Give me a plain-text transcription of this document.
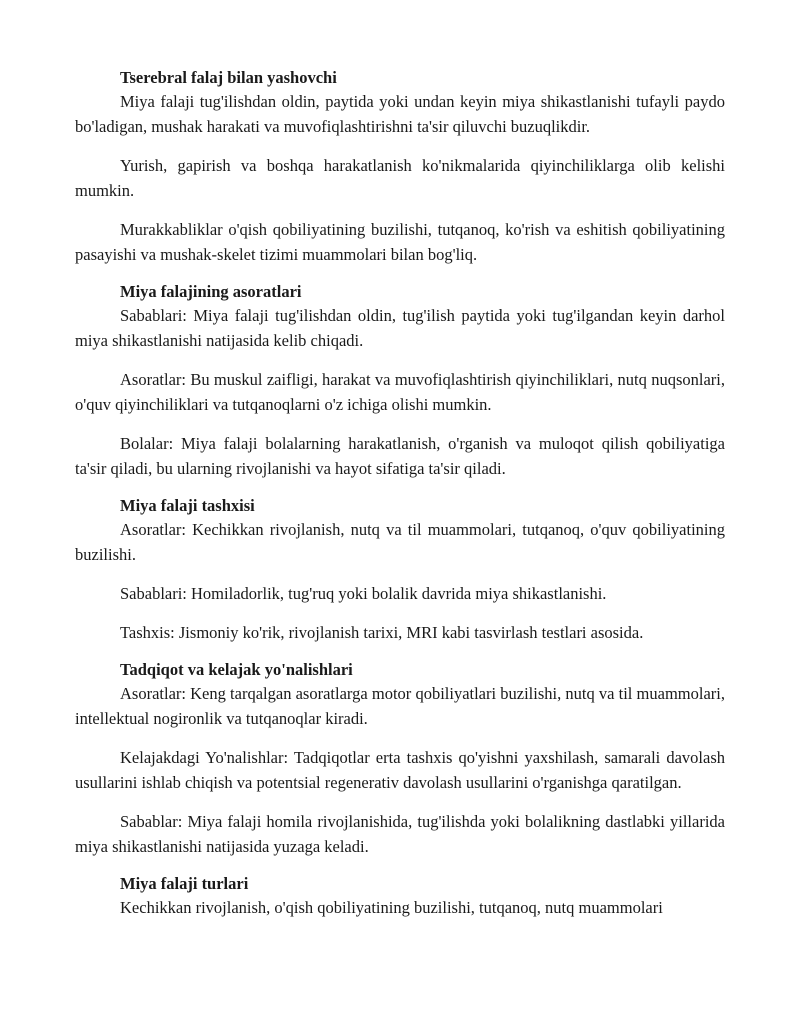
Tserebral falaj bilan yashovchi

Miya falaji tug'ilishdan oldin, paytida yoki undan keyin miya shikastlanishi tufayli paydo bo'ladigan, mushak harakati va muvofiqlashtirishni ta'sir qiluvchi buzuqlikdir.

Yurish, gapirish va boshqa harakatlanish ko'nikmalarida qiyinchiliklarga olib kelishi mumkin.

Murakkabliklar o'qish qobiliyatining buzilishi, tutqanoq, ko'rish va eshitish qobiliyatining pasayishi va mushak-skelet tizimi muammolari bilan bog'liq.

Miya falajining asoratlari

Sabablari: Miya falaji tug'ilishdan oldin, tug'ilish paytida yoki tug'ilgandan keyin darhol miya shikastlanishi natijasida kelib chiqadi.

Asoratlar: Bu muskul zaifligi, harakat va muvofiqlashtirish qiyinchiliklari, nutq nuqsonlari, o'quv qiyinchiliklari va tutqanoqlarni o'z ichiga olishi mumkin.

Bolalar: Miya falaji bolalarning harakatlanish, o'rganish va muloqot qilish qobiliyatiga ta'sir qiladi, bu ularning rivojlanishi va hayot sifatiga ta'sir qiladi.

Miya falaji tashxisi

Asoratlar: Kechikkan rivojlanish, nutq va til muammolari, tutqanoq, o'quv qobiliyatining buzilishi.

Sabablari: Homiladorlik, tug'ruq yoki bolalik davrida miya shikastlanishi.

Tashxis: Jismoniy ko'rik, rivojlanish tarixi, MRI kabi tasvirlash testlari asosida.

Tadqiqot va kelajak yo'nalishlari

Asoratlar: Keng tarqalgan asoratlarga motor qobiliyatlari buzilishi, nutq va til muammolari, intellektual nogironlik va tutqanoqlar kiradi.

Kelajakdagi Yo'nalishlar: Tadqiqotlar erta tashxis qo'yishni yaxshilash, samarali davolash usullarini ishlab chiqish va potentsial regenerativ davolash usullarini o'rganishga qaratilgan.

Sabablar: Miya falaji homila rivojlanishida, tug'ilishda yoki bolalikning dastlabki yillarida miya shikastlanishi natijasida yuzaga keladi.

Miya falaji turlari

Kechikkan rivojlanish, o'qish qobiliyatining buzilishi, tutqanoq, nutq muammolari
